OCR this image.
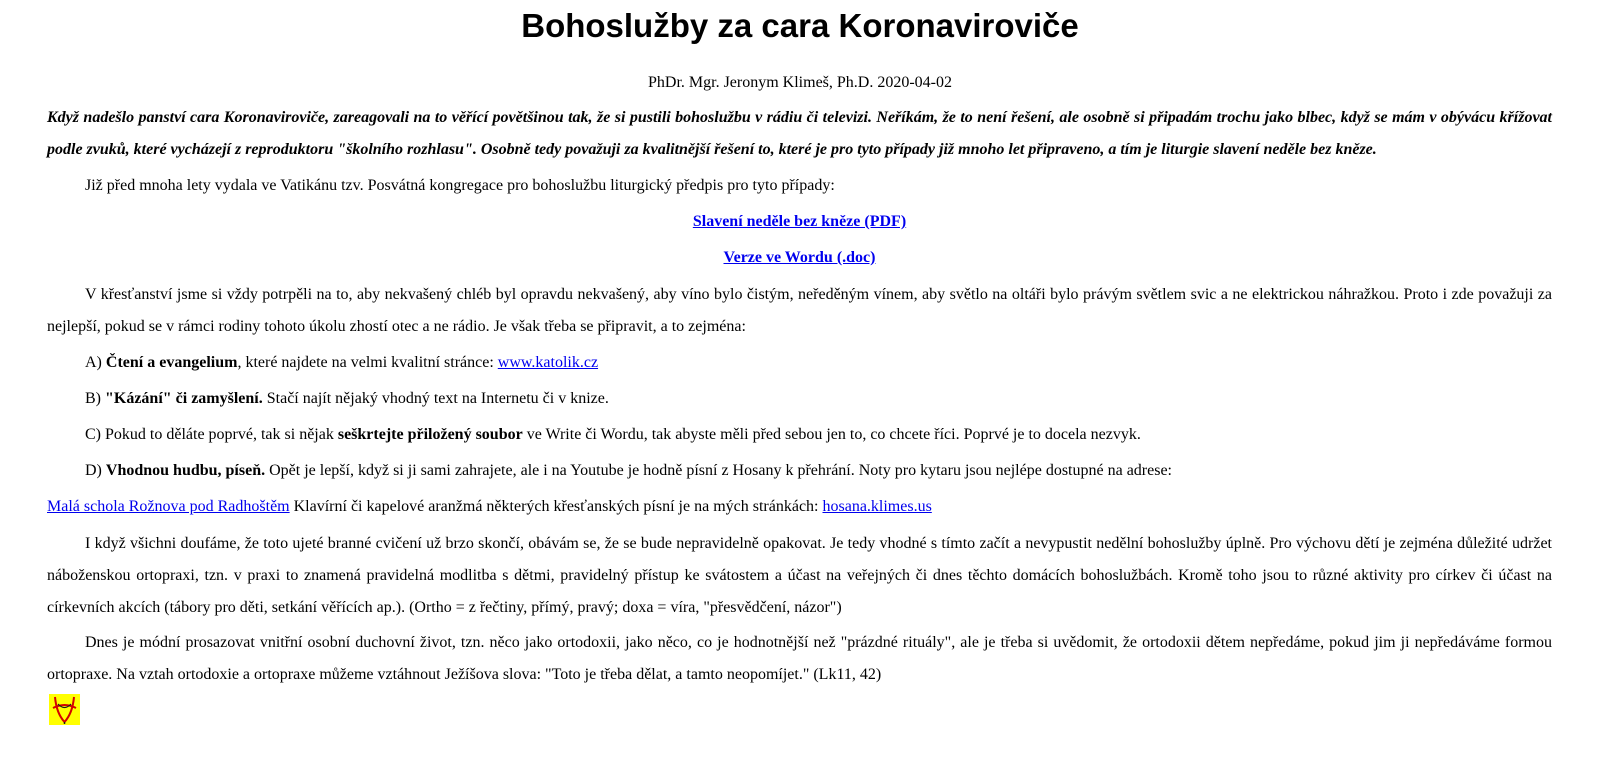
Bohoslužby za cara Koronaviroviče
PhDr. Mgr. Jeronym Klimeš, Ph.D. 2020-04-02

Když nadešlo panství cara Koronaviroviče, zareagovali na to věřící povětšinou tak, že si pustili bohoslužbu v rádiu či televizi. Neříkám, že to není řešení, ale osobně si připadám trochu jako blbec, když se mám v obývácu křížovat podle zvuků, které vycházejí z reproduktoru "školního rozhlasu". Osobně tedy považuji za kvalitnější řešení to, které je pro tyto případy již mnoho let připraveno, a tím je liturgie slavení neděle bez kněze.

Již před mnoha lety vydala ve Vatikánu tzv. Posvátná kongregace pro bohoslužbu liturgický předpis pro tyto případy:

Slavení neděle bez kněze (PDF)

Verze ve Wordu (.doc)

V křesťanství jsme si vždy potrpěli na to, aby nekvašený chléb byl opravdu nekvašený, aby víno bylo čistým, neředěným vínem, aby světlo na oltáři bylo právým světlem svic a ne elektrickou náhražkou. Proto i zde považuji za nejlepší, pokud se v rámci rodiny tohoto úkolu zhostí otec a ne rádio. Je však třeba se připravit, a to zejména:

A) Čtení a evangelium, které najdete na velmi kvalitní stránce: www.katolik.cz

B) "Kázání" či zamyšlení. Stačí najít nějaký vhodný text na Internetu či v knize.

C) Pokud to děláte poprvé, tak si nějak seškrtejte přiložený soubor ve Write či Wordu, tak abyste měli před sebou jen to, co chcete říci. Poprvé je to docela nezvyk.

D) Vhodnou hudbu, píseň. Opět je lepší, když si ji sami zahrajete, ale i na Youtube je hodně písní z Hosany k přehrání. Noty pro kytaru jsou nejlépe dostupné na adrese:

Malá schola Rožnova pod Radhoštěm Klavírní či kapelové aranžmá některých křesťanských písní je na mých stránkách: hosana.klimes.us

I když všichni doufáme, že toto ujeté branné cvičení už brzo skončí, obávám se, že se bude nepravidelně opakovat. Je tedy vhodné s tímto začít a nevypustit nedělní bohoslužby úplně. Pro výchovu dětí je zejména důležité udržet náboženskou ortopraxi, tzn. v praxi to znamená pravidelná modlitba s dětmi, pravidelný přístup ke svátostem a účast na veřejných či dnes těchto domácích bohoslužbách. Kromě toho jsou to různé aktivity pro církev či účast na církevních akcích (tábory pro děti, setkání věřících ap.). (Ortho = z řečtiny, přímý, pravý; doxa = víra, "přesvědčení, názor")

Dnes je módní prosazovat vnitřní osobní duchovní život, tzn. něco jako ortodoxii, jako něco, co je hodnotnější než "prázdné rituály", ale je třeba si uvědomit, že ortodoxii dětem nepředáme, pokud jim ji nepředáváme formou ortopraxe. Na vztah ortodoxie a ortopraxe můžeme vztáhnout Ježíšova slova: "Toto je třeba dělat, a tamto neopomíjet." (Lk11, 42)
